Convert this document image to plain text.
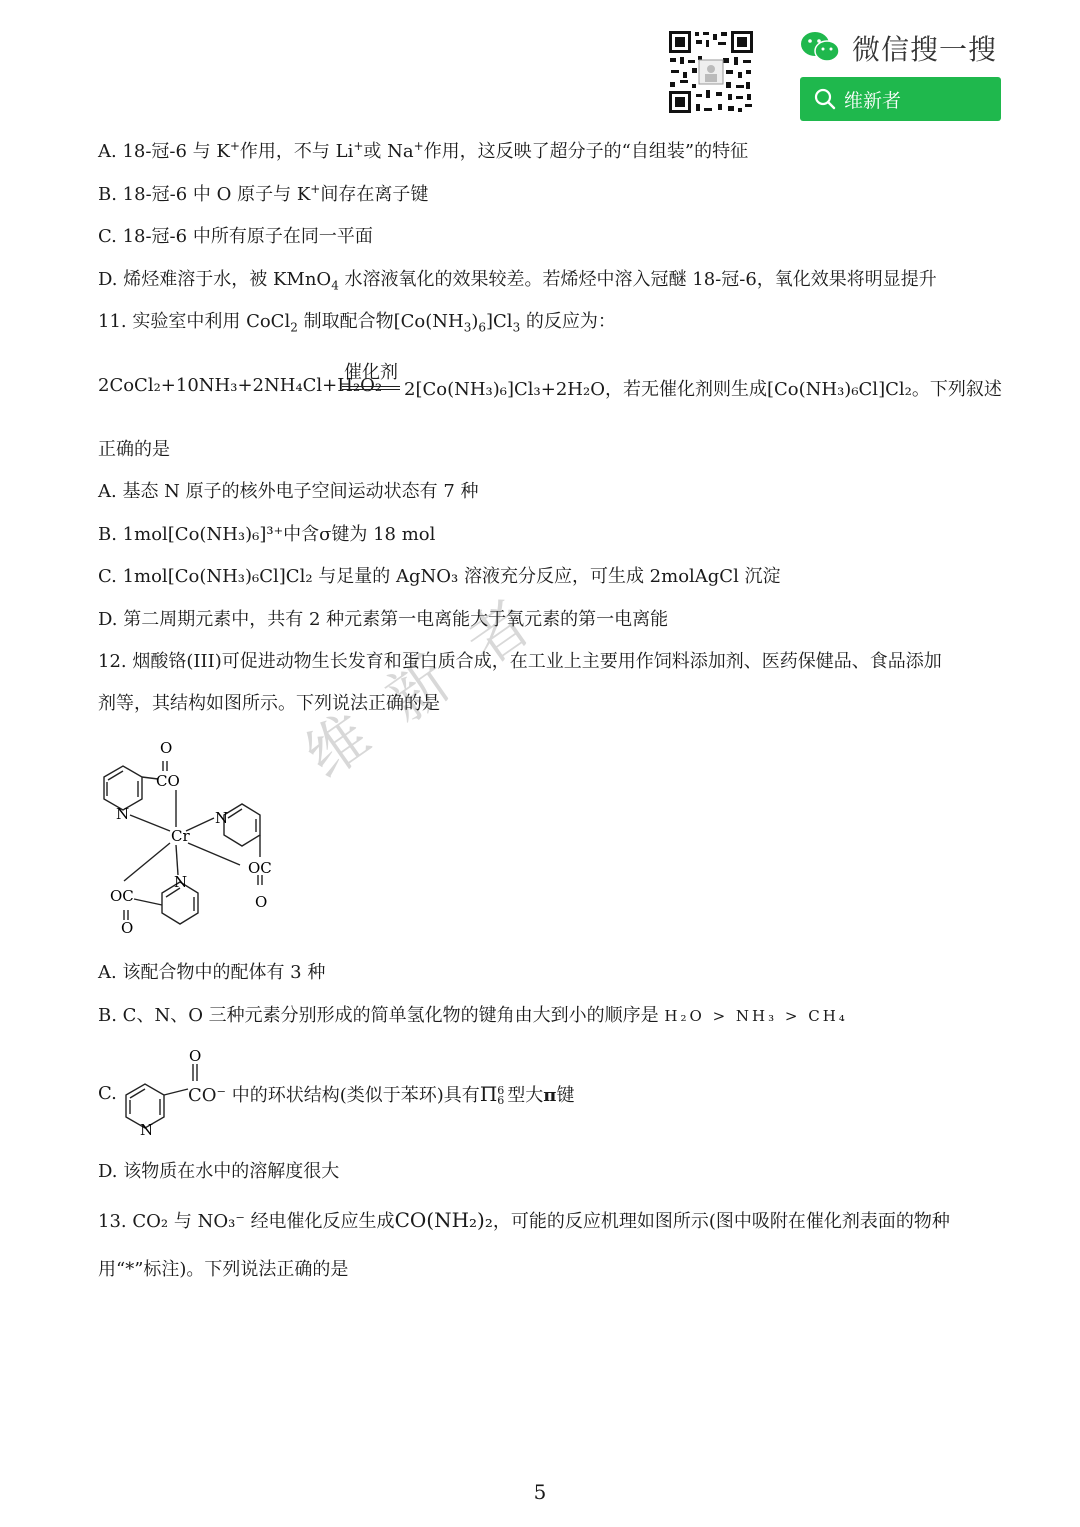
微信搜一搜
维新者
维新者
A. 18-冠-6 与 K+作用，不与 Li+或 Na+作用，这反映了超分子的“自组装”的特征
B. 18-冠-6 中 O 原子与 K+间存在离子键
C. 18-冠-6 中所有原子在同一平面
D. 烯烃难溶于水，被 KMnO$_4$ 水溶液氧化的效果较差。若烯烃中溶入冠醚 18-冠-6，氧化效果将明显提升
11. 实验室中利用 CoCl$_2$ 制取配合物$[Co(NH_3)_6]Cl_3$ 的反应为：
2CoCl₂+10NH₃+2NH₄Cl+H₂O₂
催化剂
2[Co(NH₃)₆]Cl₃+2H₂O，若无催化剂则生成[Co(NH₃)₆Cl]Cl₂。下列叙述
正确的是
A. 基态 N 原子的核外电子空间运动状态有 7 种
B. 1mol[Co(NH₃)₆]³⁺中含σ键为 18 mol
C. 1mol[Co(NH₃)₆Cl]Cl₂ 与足量的 AgNO₃ 溶液充分反应，可生成 2molAgCl 沉淀
D. 第二周期元素中，共有 2 种元素第一电离能大于氧元素的第一电离能
12. 烟酸铬(III)可促进动物生长发育和蛋白质合成，在工业上主要用作饲料添加剂、医药保健品、食品添加
剂等，其结构如图所示。下列说法正确的是
O
CO
N
Cr
N
OC
O
N
OC
O
A. 该配合物中的配体有 3 种
B. C、N、O 三种元素分别形成的简单氢化物的键角由大到小的顺序是 H₂O > NH₃ > CH₄
C.
O
N
CO⁻ 中的环状结构(类似于苯环)具有Π 6
6 型大π键
D. 该物质在水中的溶解度很大
13. CO₂ 与 NO₃⁻ 经电催化反应生成CO(NH₂)₂，可能的反应机理如图所示(图中吸附在催化剂表面的物种
用“*”标注)。下列说法正确的是
5
